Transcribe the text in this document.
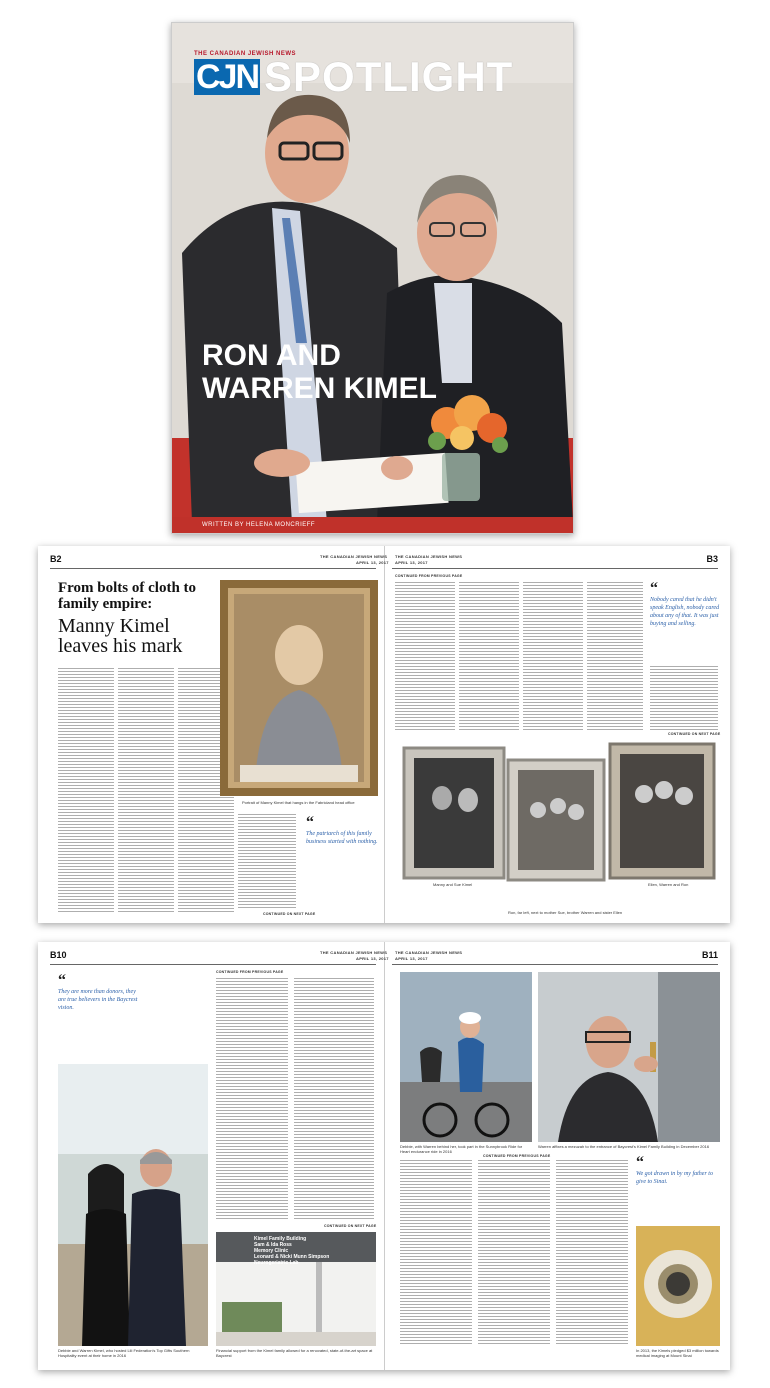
THE CANADIAN JEWISH NEWS
CJN SPOTLIGHT
RON AND
WARREN KIMEL
WRITTEN BY HELENA MONCRIEFF
B2	THE CANADIAN JEWISH NEWS
APRIL 13, 2017	B3
THE CANADIAN JEWISH NEWS
APRIL 13, 2017
From bolts of cloth to
family empire:
Manny Kimel
leaves his mark
CONTINUED ON NEXT PAGE
Portrait of Manny Kimel that hangs in the Fabricland head office
“
The patriarch of this family business started with nothing.
CONTINUED FROM PREVIOUS PAGE
“
Nobody cared that he didn't speak English, nobody cared about any of that. It was just buying and selling.
CONTINUED ON NEXT PAGE
Manny and Sue Kimel
Ron, far left, next to mother Sue, brother Warren and sister Ellen
Ellen, Warren and Ron
B10	THE CANADIAN JEWISH NEWS
APRIL 13, 2017	B11
THE CANADIAN JEWISH NEWS
APRIL 13, 2017
“
They are more than donors, they are true believers in the Baycrest vision.
CONTINUED FROM PREVIOUS PAGE
CONTINUED ON NEXT PAGE
Debbie and Warren Kimel, who hosted Lili Federation's Top Gifts Southern Hospitality event at their home in 2016
Kimel Family Building
Sam & Ida Ross
Memory Clinic
Leonard & Nicki Munn Simpson
Neurogeriatric Lab
Financial support from the Kimel family allowed for a renovated, state-of-the-art space at Baycrest
Debbie, with Warren behind her, took part in the Sunnybrook Ride for Heart endurance ride in 2016
Warren affixes a mezuzah to the entrance of Baycrest's Kimel Family Building in December 2016
CONTINUED FROM PREVIOUS PAGE	“
We got drawn in by my father to give to Sinai.
In 2013, the Kimels pledged $3 million towards medical imaging at Mount Sinai
